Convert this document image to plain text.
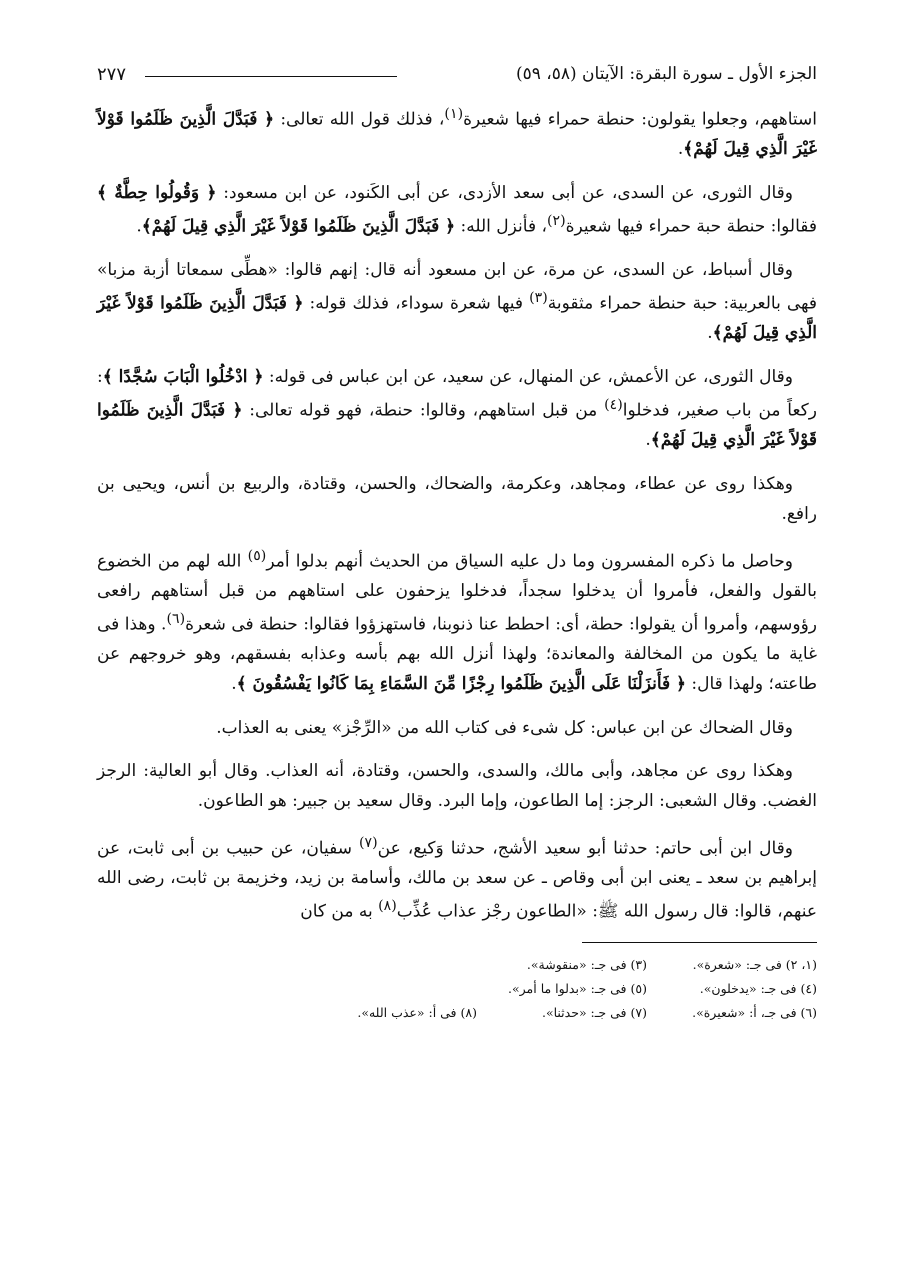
الجزء الأول ـ سورة البقرة: الآيتان (٥٨، ٥٩)
٢٧٧

استاههم، وجعلوا يقولون: حنطة حمراء فيها شعيرة$^{(١)}$، فذلك قول الله تعالى: ﴿ فَبَدَّلَ الَّذِينَ ظَلَمُوا قَوْلاً غَيْرَ الَّذِي قِيلَ لَهُمْ﴾.

وقال الثورى، عن السدى، عن أبى سعد الأزدى، عن أبى الكَنود، عن ابن مسعود: ﴿ وَقُولُوا حِطَّةٌ ﴾ فقالوا: حنطة حبة حمراء فيها شعيرة$^{(٢)}$، فأنزل الله: ﴿ فَبَدَّلَ الَّذِينَ ظَلَمُوا قَوْلاً غَيْرَ الَّذِي قِيلَ لَهُمْ﴾.

وقال أسباط، عن السدى، عن مرة، عن ابن مسعود أنه قال: إنهم قالوا: «هطِّى سمعاتا أزبة مزبا» فهى بالعربية: حبة حنطة حمراء مثقوبة$^{(٣)}$ فيها شعرة سوداء، فذلك قوله: ﴿ فَبَدَّلَ الَّذِينَ ظَلَمُوا قَوْلاً غَيْرَ الَّذِي قِيلَ لَهُمْ﴾.

وقال الثورى، عن الأعمش، عن المنهال، عن سعيد، عن ابن عباس فى قوله: ﴿ ادْخُلُوا الْبَابَ سُجَّدًا ﴾: ركعاً من باب صغير، فدخلوا$^{(٤)}$ من قبل استاههم، وقالوا: حنطة، فهو قوله تعالى: ﴿ فَبَدَّلَ الَّذِينَ ظَلَمُوا قَوْلاً غَيْرَ الَّذِي قِيلَ لَهُمْ﴾.

وهكذا روى عن عطاء، ومجاهد، وعكرمة، والضحاك، والحسن، وقتادة، والربيع بن أنس، ويحيى بن رافع.

وحاصل ما ذكره المفسرون وما دل عليه السياق من الحديث أنهم بدلوا أمر$^{(٥)}$ الله لهم من الخضوع بالقول والفعل، فأمروا أن يدخلوا سجداً، فدخلوا يزحفون على استاههم من قبل أستاههم رافعى رؤوسهم، وأمروا أن يقولوا: حطة، أى: احطط عنا ذنوبنا، فاستهزؤوا فقالوا: حنطة فى شعرة$^{(٦)}$. وهذا فى غاية ما يكون من المخالفة والمعاندة؛ ولهذا أنزل الله بهم بأسه وعذابه بفسقهم، وهو خروجهم عن طاعته؛ ولهذا قال: ﴿ فَأَنزَلْنَا عَلَى الَّذِينَ ظَلَمُوا رِجْزًا مِّنَ السَّمَاءِ بِمَا كَانُوا يَفْسُقُونَ ﴾.

وقال الضحاك عن ابن عباس: كل شىء فى كتاب الله من «الرِّجْز» يعنى به العذاب.

وهكذا روى عن مجاهد، وأبى مالك، والسدى، والحسن، وقتادة، أنه العذاب. وقال أبو العالية: الرجز الغضب. وقال الشعبى: الرجز: إما الطاعون، وإما البرد. وقال سعيد بن جبير: هو الطاعون.

وقال ابن أبى حاتم: حدثنا أبو سعيد الأشج، حدثنا وَكيع، عن$^{(٧)}$ سفيان، عن حبيب بن أبى ثابت، عن إبراهيم بن سعد ـ يعنى ابن أبى وقاص ـ عن سعد بن مالك، وأسامة بن زيد، وخزيمة بن ثابت، رضى الله عنهم، قالوا: قال رسول الله ﷺ: «الطاعون رجْز عذاب عُذِّب$^{(٨)}$ به من كان

(١، ٢) فى جـ: «شعرة».
(٣) فى جـ: «منقوشة».
(٤) فى جـ: «يدخلون».
(٥) فى جـ: «بدلوا ما أمر».
(٦) فى جـ، أ: «شعيرة».
(٧) فى جـ: «حدثنا».
(٨) فى أ: «عذب الله».
